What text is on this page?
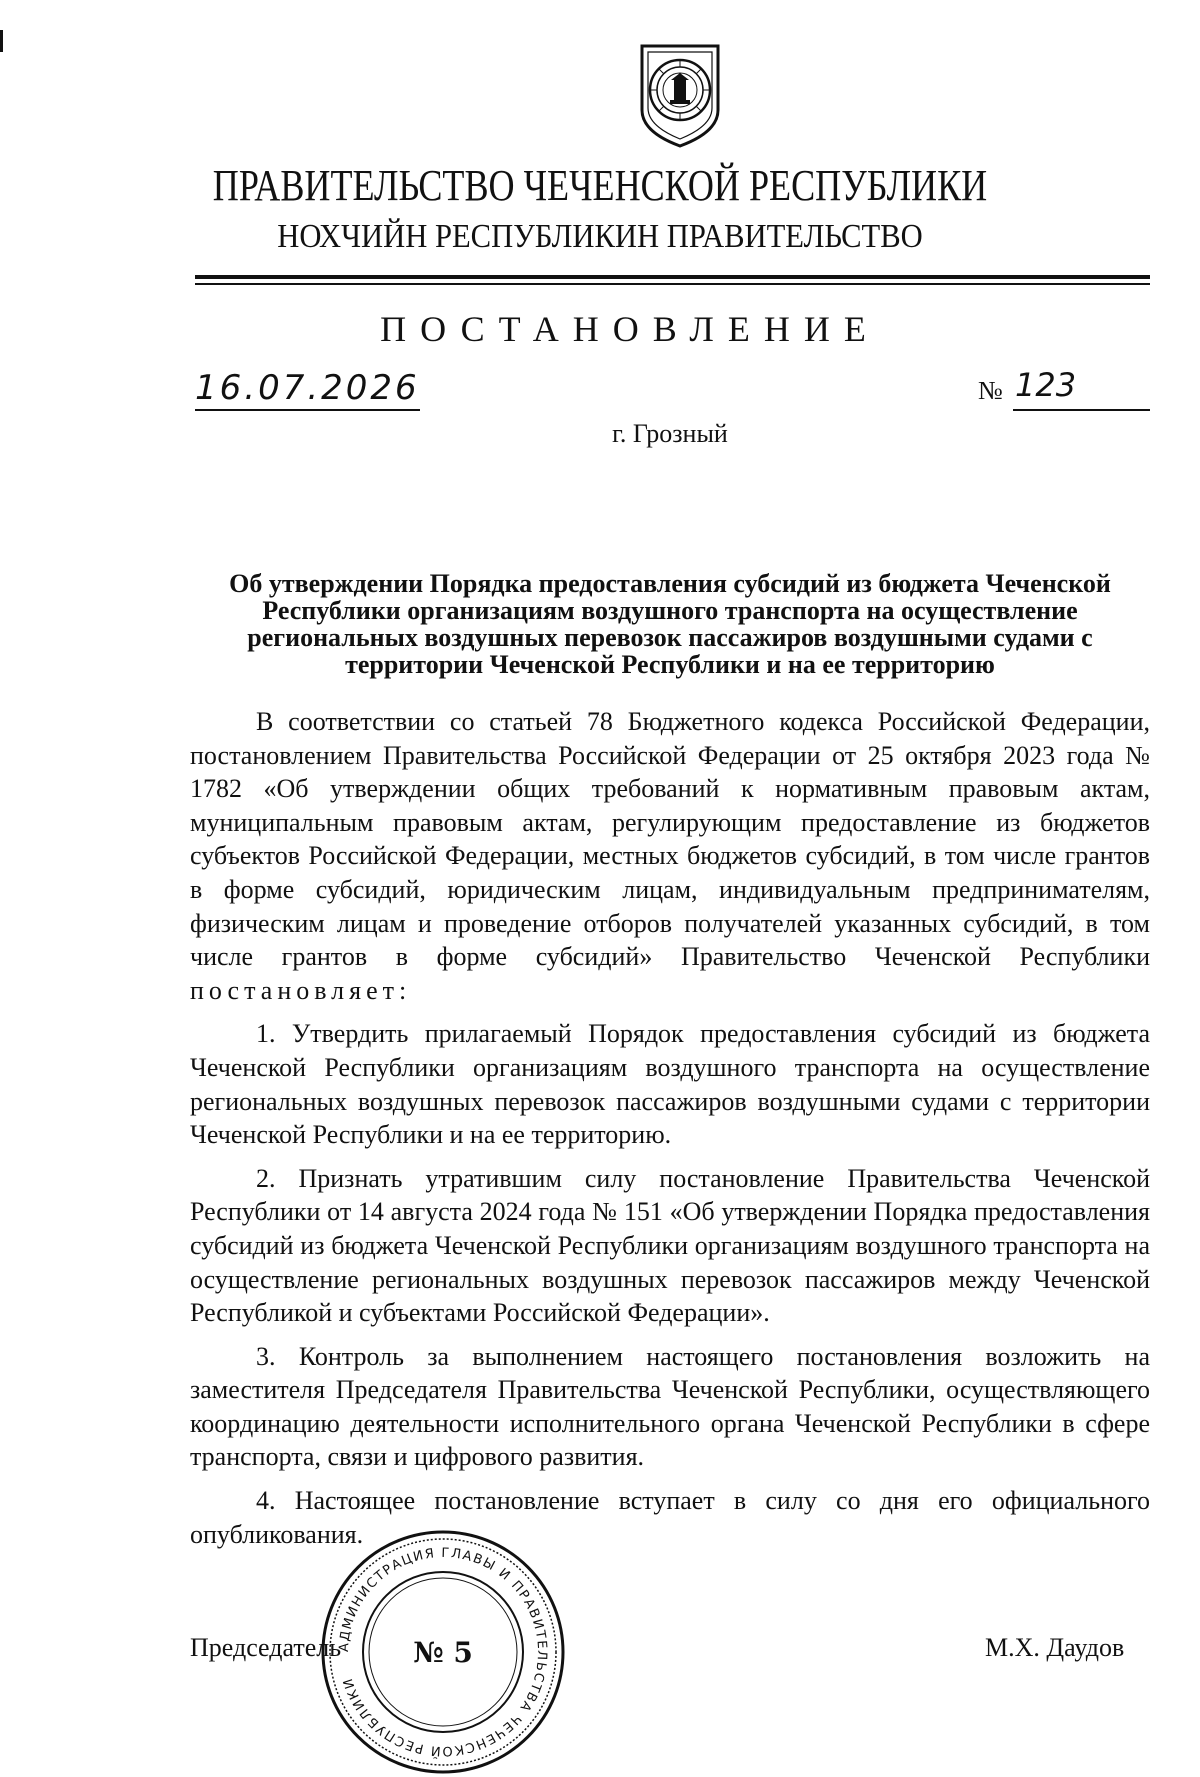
ПРАВИТЕЛЬСТВО ЧЕЧЕНСКОЙ РЕСПУБЛИКИ
НОХЧИЙН РЕСПУБЛИКИН ПРАВИТЕЛЬСТВО
ПОСТАНОВЛЕНИЕ
16.07.2026	№ 123
г. Грозный
Об утверждении Порядка предоставления субсидий из бюджета Чеченской Республики организациям воздушного транспорта на осуществление региональных воздушных перевозок пассажиров воздушными судами с территории Чеченской Республики и на ее территорию

В соответствии со статьей 78 Бюджетного кодекса Российской Федерации, постановлением Правительства Российской Федерации от 25 октября 2023 года № 1782 «Об утверждении общих требований к нормативным правовым актам, муниципальным правовым актам, регулирующим предоставление из бюджетов субъектов Российской Федерации, местных бюджетов субсидий, в том числе грантов в форме субсидий, юридическим лицам, индивидуальным предпринимателям, физическим лицам и проведение отборов получателей указанных субсидий, в том числе грантов в форме субсидий» Правительство Чеченской Республики постановляет:

1. Утвердить прилагаемый Порядок предоставления субсидий из бюджета Чеченской Республики организациям воздушного транспорта на осуществление региональных воздушных перевозок пассажиров воздушными судами с территории Чеченской Республики и на ее территорию.

2. Признать утратившим силу постановление Правительства Чеченской Республики от 14 августа 2024 года № 151 «Об утверждении Порядка предоставления субсидий из бюджета Чеченской Республики организациям воздушного транспорта на осуществление региональных воздушных перевозок пассажиров между Чеченской Республикой и субъектами Российской Федерации».

3. Контроль за выполнением настоящего постановления возложить на заместителя Председателя Правительства Чеченской Республики, осуществляющего координацию деятельности исполнительного органа Чеченской Республики в сфере транспорта, связи и цифрового развития.

4. Настоящее постановление вступает в силу со дня его официального опубликования.

Председатель	М.Х. Даудов
АДМИНИСТРАЦИЯ ГЛАВЫ И ПРАВИТЕЛЬСТВА ЧЕЧЕНСКОЙ РЕСПУБЛИКИ
№ 5
